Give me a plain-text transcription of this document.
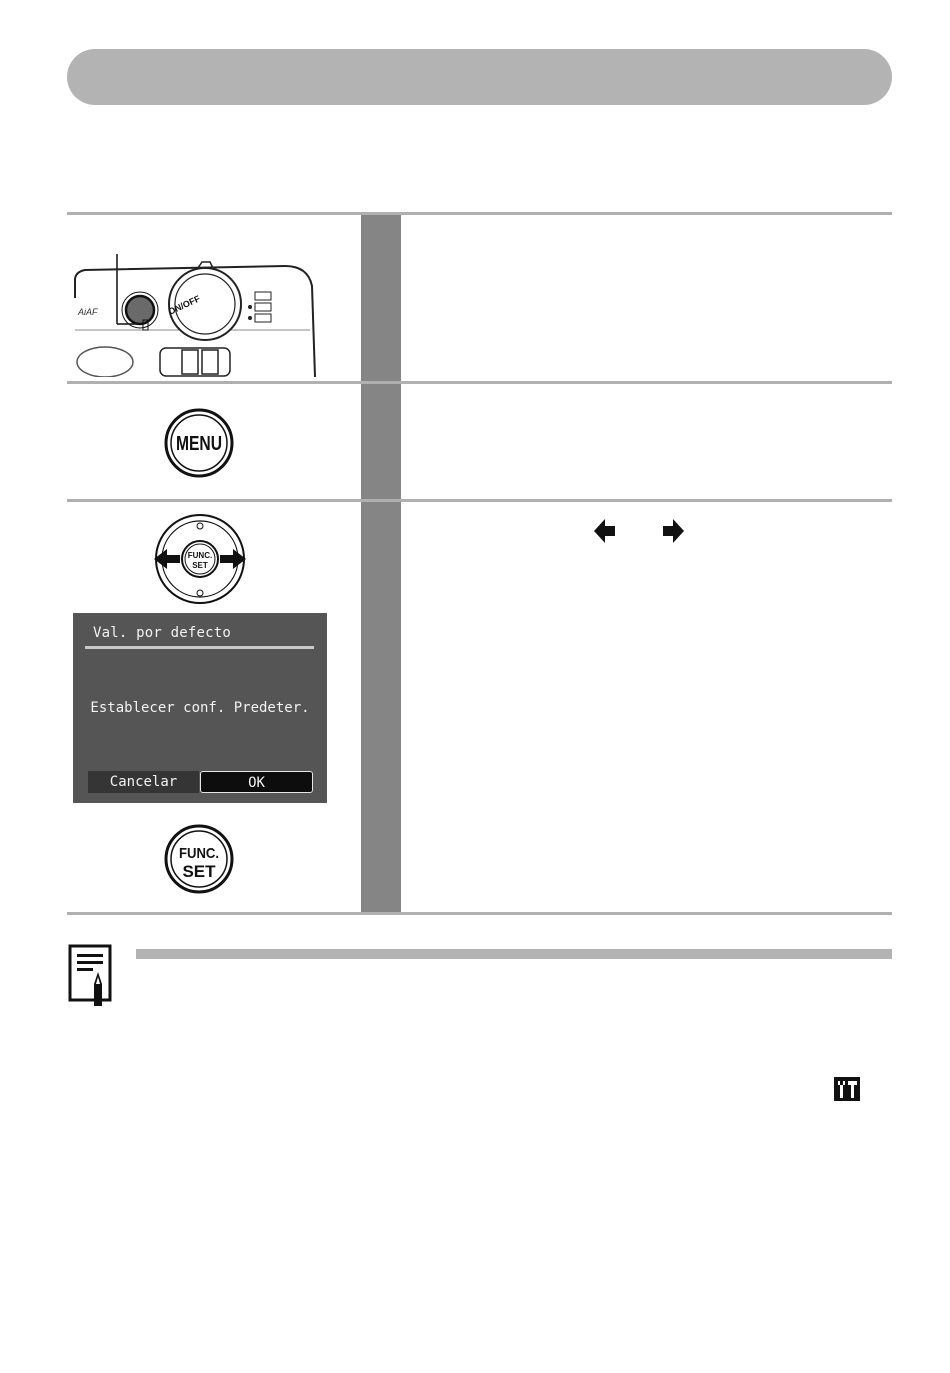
ON/OFF
AiAF
MENU
FUNC.
SET
Val. por defecto
Establecer conf. Predeter.
Cancelar	OK
FUNC.
SET
